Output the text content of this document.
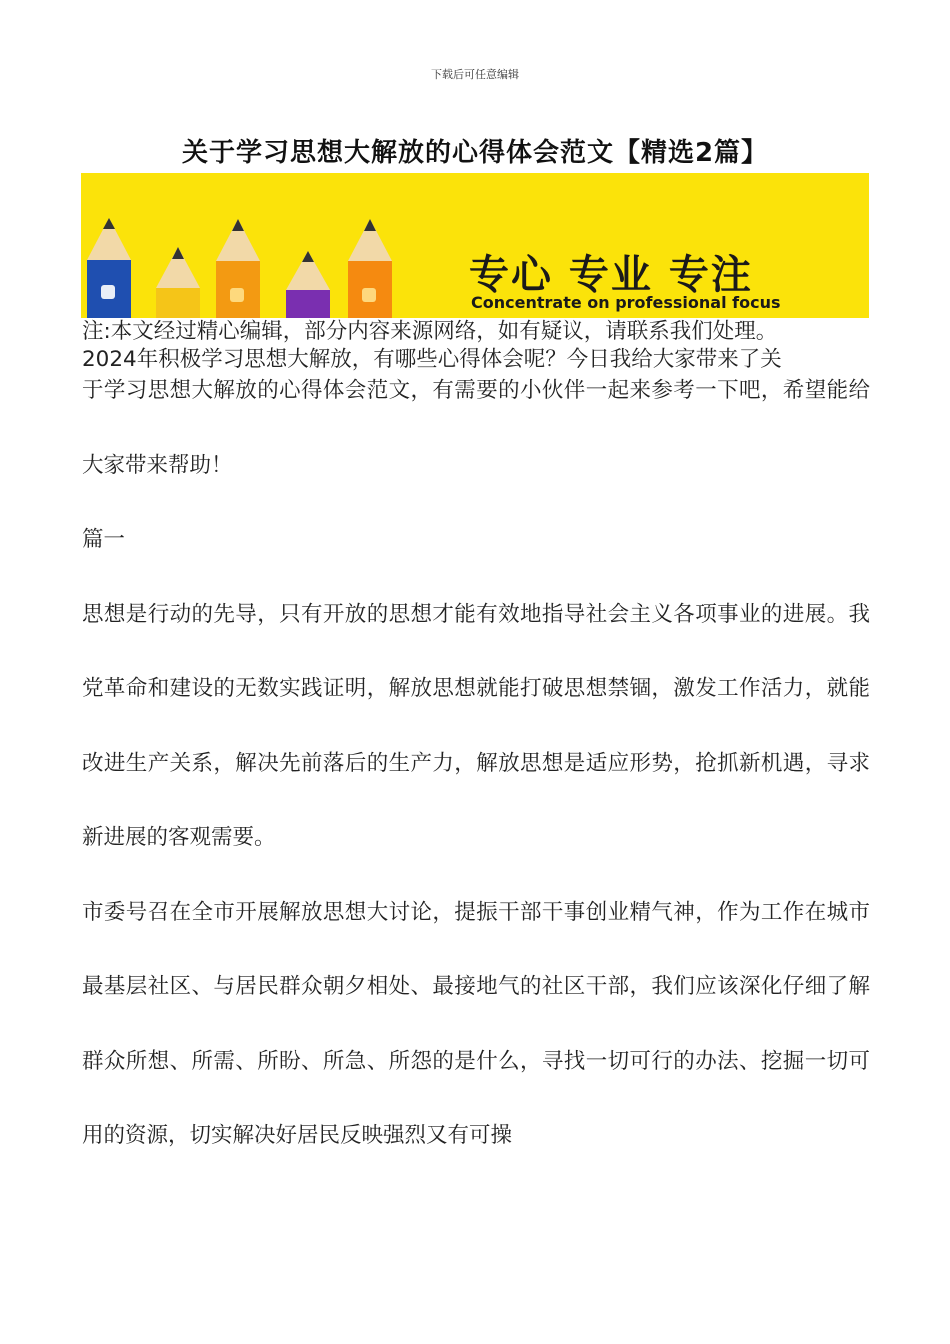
下载后可任意编辑
关于学习思想大解放的心得体会范文【精选2篇】
专心 专业 专注
Concentrate on professional focus

注:本文经过精心编辑，部分内容来源网络，如有疑议，请联系我们处理。

2024年积极学习思想大解放，有哪些心得体会呢？今日我给大家带来了关

于学习思想大解放的心得体会范文，有需要的小伙伴一起来参考一下吧，希望能给大家带来帮助！

篇一

思想是行动的先导，只有开放的思想才能有效地指导社会主义各项事业的进展。我党革命和建设的无数实践证明，解放思想就能打破思想禁锢，激发工作活力，就能改进生产关系，解决先前落后的生产力，解放思想是适应形势，抢抓新机遇，寻求新进展的客观需要。

市委号召在全市开展解放思想大讨论，提振干部干事创业精气神，作为工作在城市最基层社区、与居民群众朝夕相处、最接地气的社区干部，我们应该深化仔细了解群众所想、所需、所盼、所急、所怨的是什么，寻找一切可行的办法、挖掘一切可用的资源，切实解决好居民反映强烈又有可操
